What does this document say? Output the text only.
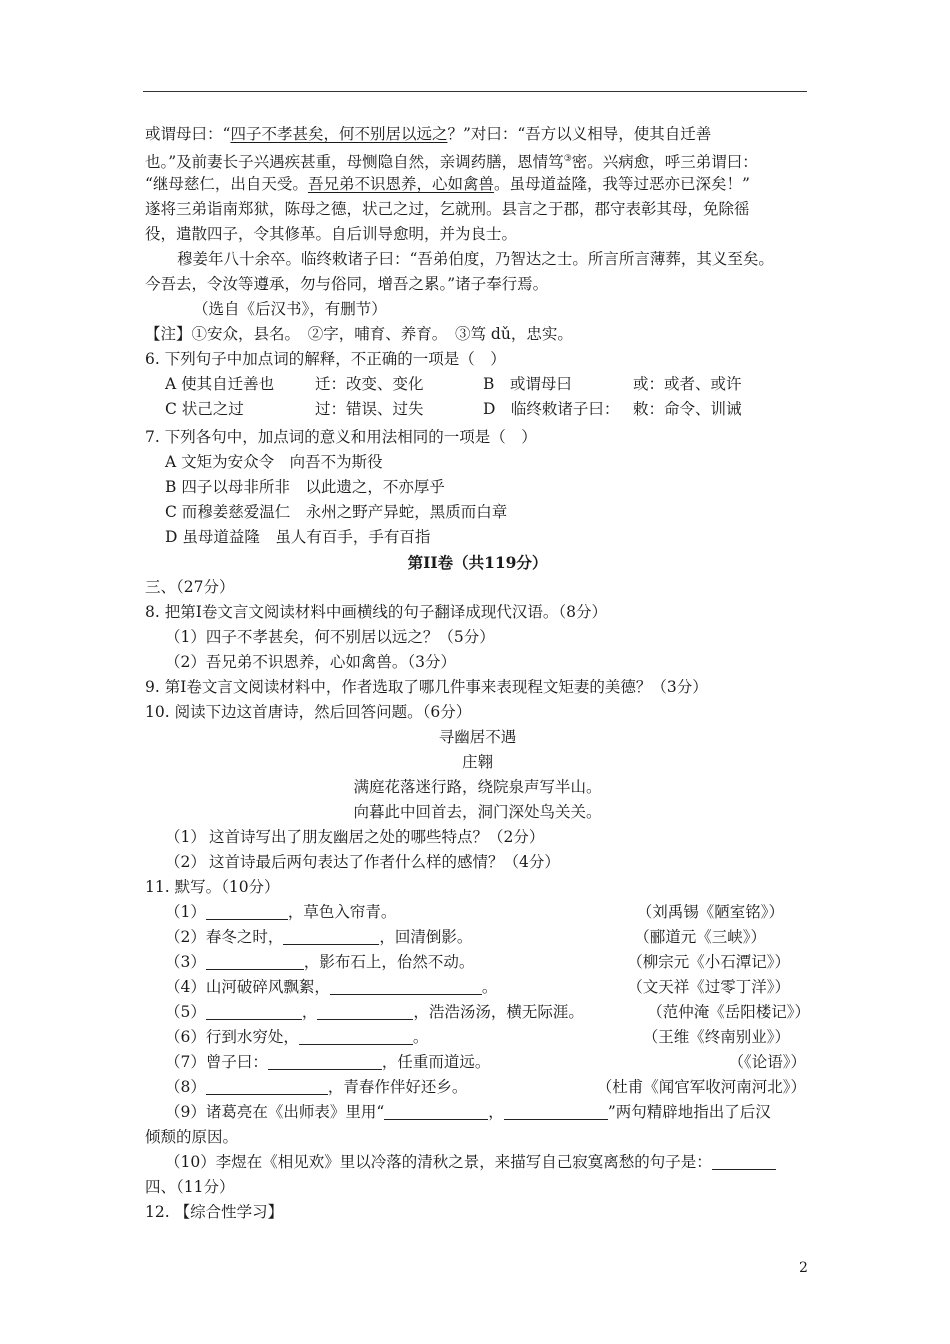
或谓母曰：“四子不孝甚矣，何不别居以远之？”对曰：“吾方以义相导，使其自迁善
也。”及前妻长子兴遇疾甚重，母恻隐自然，亲调药膳，恩情笃③密。兴病愈，呼三弟谓曰：
“继母慈仁，出自天受。吾兄弟不识恩养，心如禽兽。虽母道益隆，我等过恶亦已深矣！”
遂将三弟诣南郑狱，陈母之德，状己之过，乞就刑。县言之于郡，郡守表彰其母，免除徭
役，遣散四子，令其修革。自后训导愈明，并为良士。
穆姜年八十余卒。临终敕诸子曰：“吾弟伯度，乃智达之士。所言所言薄葬，其义至矣。
今吾去，令汝等遵承，勿与俗同，增吾之累。”诸子奉行焉。
（选自《后汉书》，有删节）
【注】①安众，县名。　②字，哺育、养育。　③笃 dǔ，忠实。
6. 下列句子中加点词的解释，不正确的一项是（　）
A 使其自迁善也	迁：改变、变化	B　或谓母曰	或：或者、或许
C 状己之过	过：错误、过失	D　临终敕诸子曰： 敕：命令、训诫
7. 下列各句中，加点词的意义和用法相同的一项是（　）
A 文矩为安众令　向吾不为斯役
B 四子以母非所非　以此遗之，不亦厚乎
C 而穆姜慈爱温仁　永州之野产异蛇，黑质而白章
D 虽母道益隆　虽人有百手，手有百指
第II卷（共119分）
三、（27分）
8. 把第I卷文言文阅读材料中画横线的句子翻译成现代汉语。（8分）
（1）四子不孝甚矣，何不别居以远之？（5分）
（2）吾兄弟不识恩养，心如禽兽。（3分）
9. 第I卷文言文阅读材料中，作者选取了哪几件事来表现程文矩妻的美德？（3分）
10. 阅读下边这首唐诗，然后回答问题。（6分）
寻幽居不遇
庄翱
满庭花落迷行路，绕院泉声写半山。
向暮此中回首去，洞门深处鸟关关。
（1） 这首诗写出了朋友幽居之处的哪些特点？（2分）
（2） 这首诗最后两句表达了作者什么样的感情？（4分）
11. 默写。（10分）
（1）	，草色入帘青。	（刘禹锡《陋室铭》）
（2）春冬之时，	，回清倒影。	（郦道元《三峡》）
（3）	，影布石上，佁然不动。	（柳宗元《小石潭记》）
（4）山河破碎风飘絮，	。	（文天祥《过零丁洋》）
（5）	，	，浩浩汤汤，横无际涯。	（范仲淹《岳阳楼记》）
（6）行到水穷处，	。	（王维《终南别业》）
（7）曾子曰：	，任重而道远。	（《论语》）
（8）	，青春作伴好还乡。	（杜甫《闻官军收河南河北》）
（9）诸葛亮在《出师表》里用“	，	”两句精辟地指出了后汉
倾颓的原因。
（10）李煜在《相见欢》里以冷落的清秋之景，来描写自己寂寞离愁的句子是：
四、（11分）
12. 【综合性学习】
2
